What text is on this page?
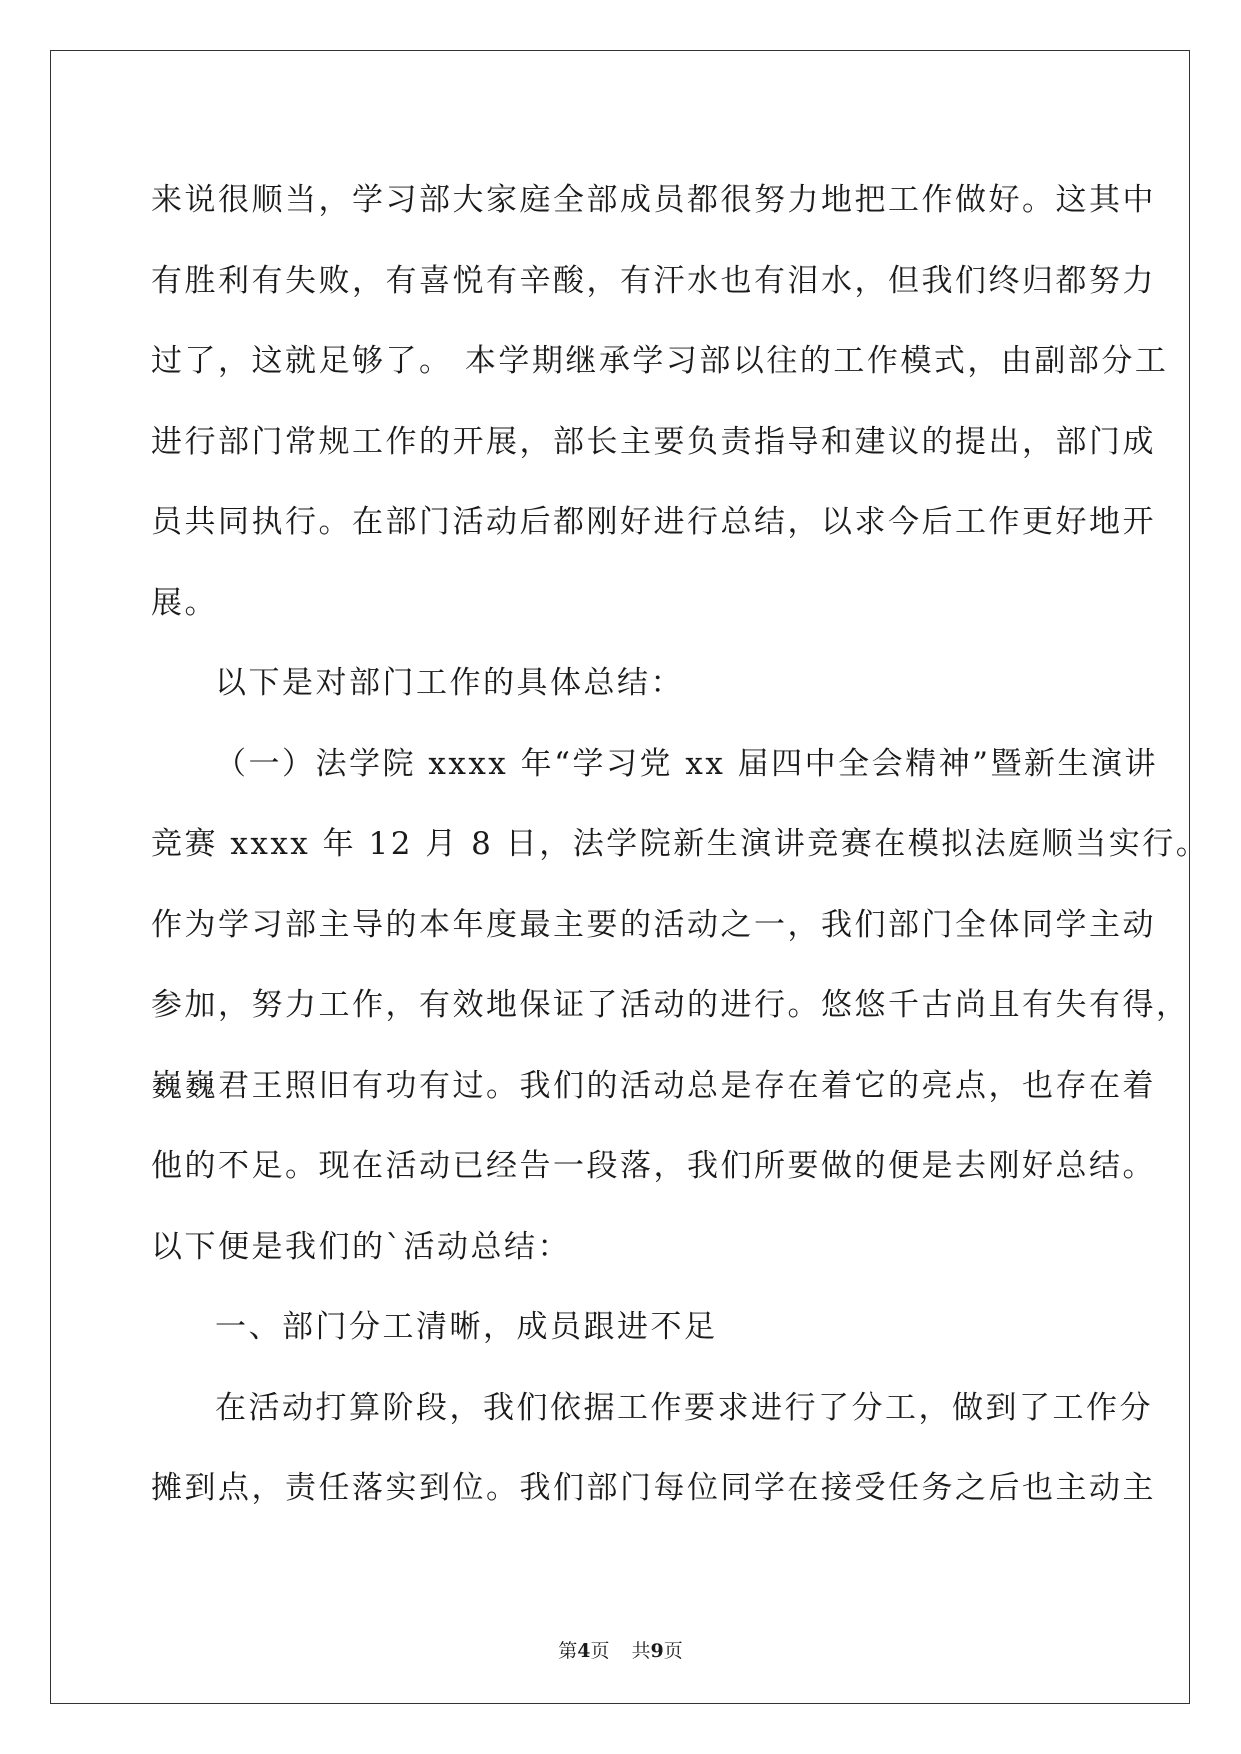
来说很顺当，学习部大家庭全部成员都很努力地把工作做好。这其中

有胜利有失败，有喜悦有辛酸，有汗水也有泪水，但我们终归都努力

过了，这就足够了。 本学期继承学习部以往的工作模式，由副部分工

进行部门常规工作的开展，部长主要负责指导和建议的提出，部门成

员共同执行。在部门活动后都刚好进行总结，以求今后工作更好地开

展。

以下是对部门工作的具体总结：

（一）法学院 xxxx 年“学习党 xx 届四中全会精神”暨新生演讲

竞赛 xxxx 年 12 月 8 日，法学院新生演讲竞赛在模拟法庭顺当实行。

作为学习部主导的本年度最主要的活动之一，我们部门全体同学主动

参加，努力工作，有效地保证了活动的进行。悠悠千古尚且有失有得，

巍巍君王照旧有功有过。我们的活动总是存在着它的亮点，也存在着

他的不足。现在活动已经告一段落，我们所要做的便是去刚好总结。

以下便是我们的`活动总结：

一、部门分工清晰，成员跟进不足

在活动打算阶段，我们依据工作要求进行了分工，做到了工作分

摊到点，责任落实到位。我们部门每位同学在接受任务之后也主动主

第4页 共9页
